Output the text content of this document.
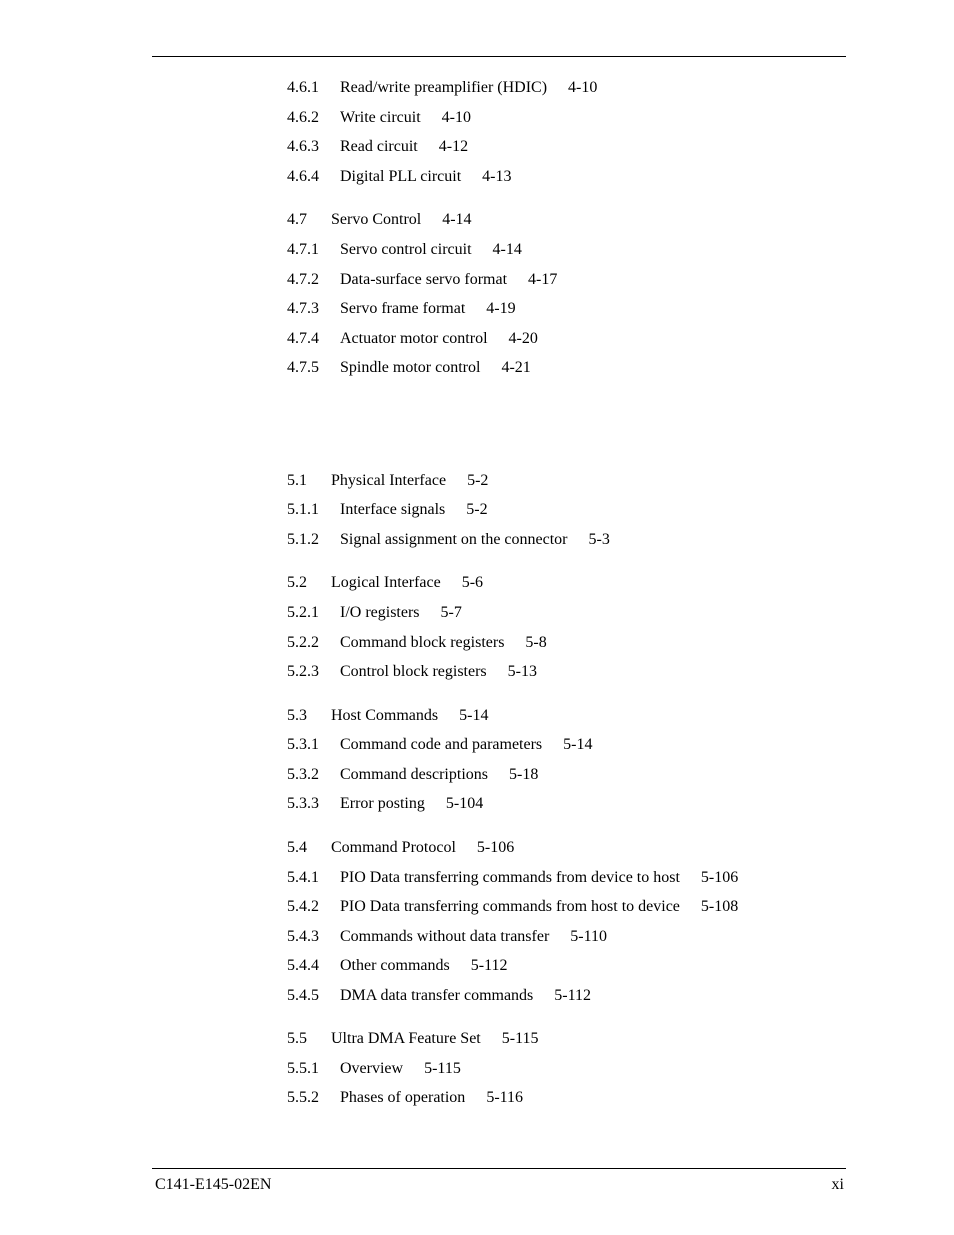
4.6.1 Read/write preamplifier (HDIC) 4-10
4.6.2 Write circuit 4-10
4.6.3 Read circuit 4-12
4.6.4 Digital PLL circuit 4-13
4.7 Servo Control 4-14
4.7.1 Servo control circuit 4-14
4.7.2 Data-surface servo format 4-17
4.7.3 Servo frame format 4-19
4.7.4 Actuator motor control 4-20
4.7.5 Spindle motor control 4-21
5.1 Physical Interface 5-2
5.1.1 Interface signals 5-2
5.1.2 Signal assignment on the connector 5-3
5.2 Logical Interface 5-6
5.2.1 I/O registers 5-7
5.2.2 Command block registers 5-8
5.2.3 Control block registers 5-13
5.3 Host Commands 5-14
5.3.1 Command code and parameters 5-14
5.3.2 Command descriptions 5-18
5.3.3 Error posting 5-104
5.4 Command Protocol 5-106
5.4.1 PIO Data transferring commands from device to host 5-106
5.4.2 PIO Data transferring commands from host to device 5-108
5.4.3 Commands without data transfer 5-110
5.4.4 Other commands 5-112
5.4.5 DMA data transfer commands 5-112
5.5 Ultra DMA Feature Set 5-115
5.5.1 Overview 5-115
5.5.2 Phases of operation 5-116
C141-E145-02EN	xi
